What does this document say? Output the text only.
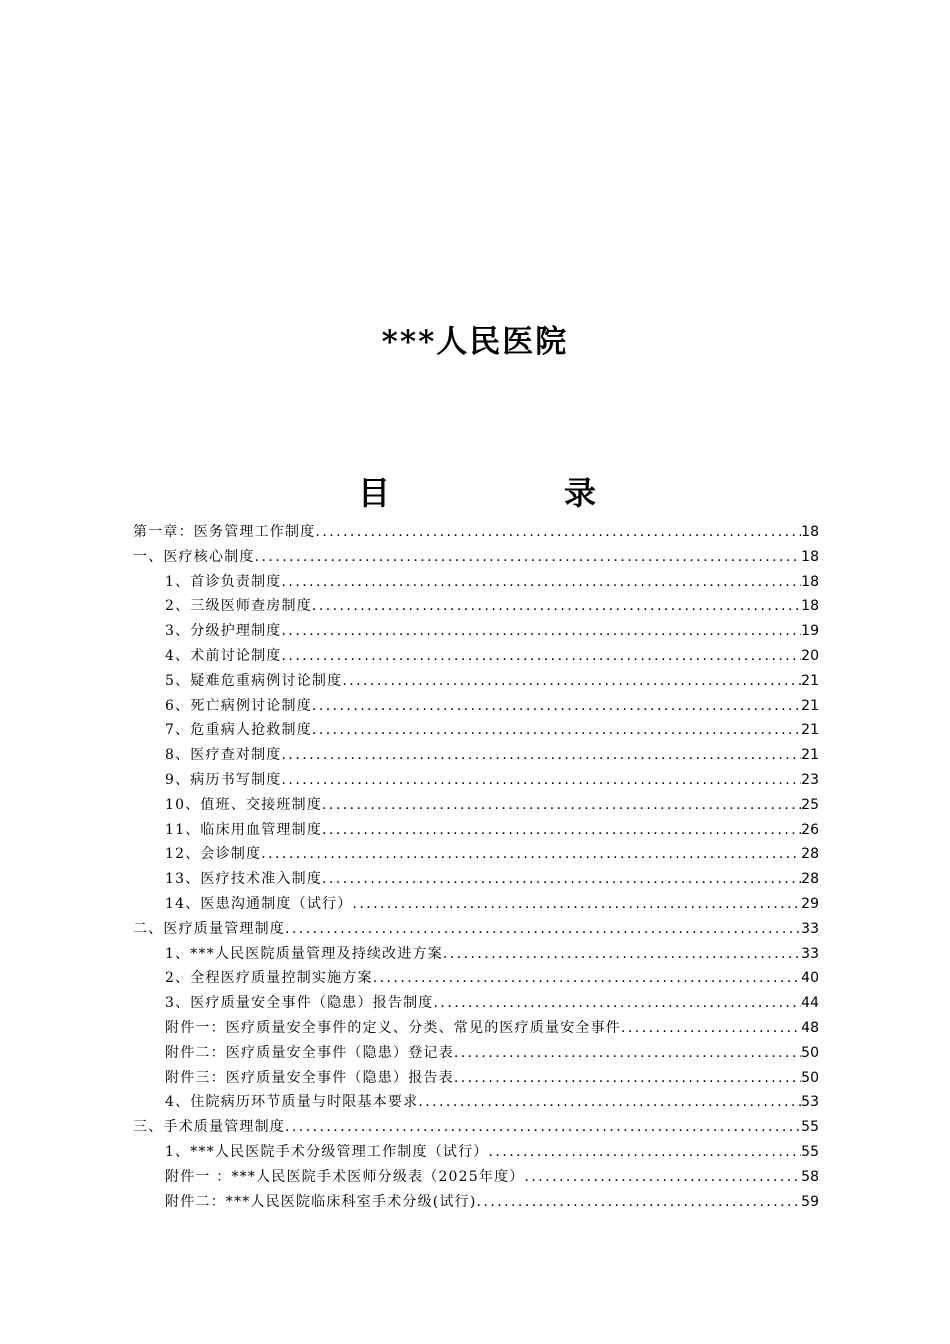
***人民医院
目	录
第一章：医务管理工作制度 . . .	18
一、医疗核心制度 . . .	18
1、首诊负责制度 . . .	18
2、三级医师查房制度 . . .	18
3、分级护理制度 . . .	19
4、术前讨论制度 . . .	20
5、疑难危重病例讨论制度 . . .	21
6、死亡病例讨论制度 . . .	21
7、危重病人抢救制度 . . .	21
8、医疗查对制度 . . .	21
9、病历书写制度 . . .	23
10、值班、交接班制度 . . .	25
11、临床用血管理制度 . . .	26
12、会诊制度 . . .	28
13、医疗技术准入制度 . . .	28
14、医患沟通制度（试行） . . .	29
二、医疗质量管理制度 . . .	33
1、***人民医院质量管理及持续改进方案 . . .	33
2、全程医疗质量控制实施方案 . . .	40
3、医疗质量安全事件（隐患）报告制度 . . .	44
附件一：医疗质量安全事件的定义、分类、常见的医疗质量安全事件 . . .	48
附件二：医疗质量安全事件（隐患）登记表 . . .	50
附件三：医疗质量安全事件（隐患）报告表 . . .	50
4、住院病历环节质量与时限基本要求 . . .	53
三、手术质量管理制度 . . .	55
1、***人民医院手术分级管理工作制度（试行） . . .	55
附件一 ：***人民医院手术医师分级表（2025年度） . . .	58
附件二：***人民医院临床科室手术分级(试行) . . .	59
